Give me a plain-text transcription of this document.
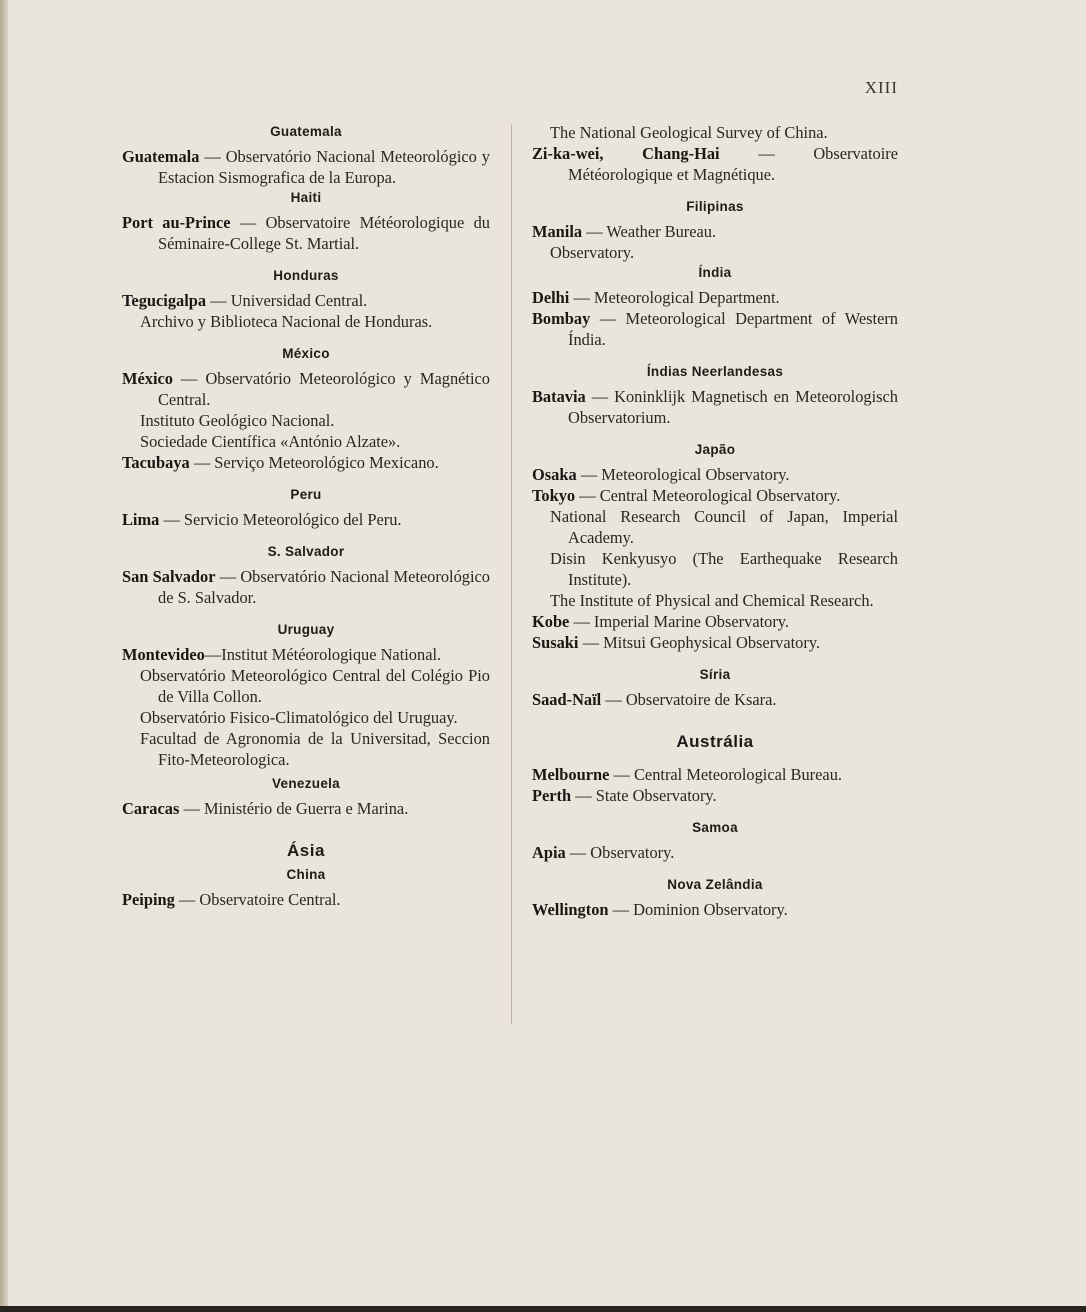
XIII

Guatemala

Guatemala — Observatório Nacional Meteorológico y Estacion Sismografica de la Europa.

Haiti

Port au-Prince — Observatoire Météorologique du Séminaire-College St. Martial.

Honduras

Tegucigalpa — Universidad Central.

Archivo y Biblioteca Nacional de Honduras.

México

México — Observatório Meteorológico y Magnético Central.

Instituto Geológico Nacional.

Sociedade Científica «António Alzate».

Tacubaya — Serviço Meteorológico Mexicano.

Peru

Lima — Servicio Meteorológico del Peru.

S. Salvador

San Salvador — Observatório Nacional Meteorológico de S. Salvador.

Uruguay

Montevideo—Institut Météorologique National.

Observatório Meteorológico Central del Colégio Pio de Villa Collon.

Observatório Fisico-Climatológico del Uruguay.

Facultad de Agronomia de la Universitad, Seccion Fito-Meteorologica.

Venezuela

Caracas — Ministério de Guerra e Marina.

Ásia

China

Peiping — Observatoire Central.

The National Geological Survey of China.

Zi-ka-wei, Chang-Hai — Observatoire Météorologique et Magnétique.

Filipinas

Manila — Weather Bureau.

Observatory.

Índia

Delhi — Meteorological Department.

Bombay — Meteorological Department of Western Índia.

Índias Neerlandesas

Batavia — Koninklijk Magnetisch en Meteorologisch Observatorium.

Japão

Osaka — Meteorological Observatory.

Tokyo — Central Meteorological Observatory.

National Research Council of Japan, Imperial Academy.

Disin Kenkyusyo (The Earthequake Research Institute).

The Institute of Physical and Chemical Research.

Kobe — Imperial Marine Observatory.

Susaki — Mitsui Geophysical Observatory.

Síria

Saad-Naïl — Observatoire de Ksara.

Austrália

Melbourne — Central Meteorological Bureau.

Perth — State Observatory.

Samoa

Apia — Observatory.

Nova Zelândia

Wellington — Dominion Observatory.
